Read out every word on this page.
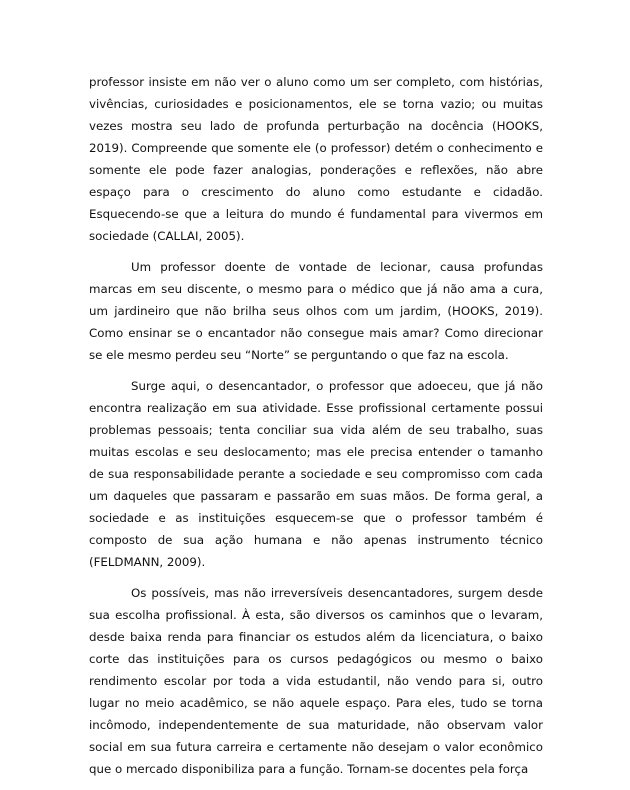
professor insiste em não ver o aluno como um ser completo, com histórias, vivências, curiosidades e posicionamentos, ele se torna vazio; ou muitas vezes mostra seu lado de profunda perturbação na docência (HOOKS, 2019). Compreende que somente ele (o professor) detém o conhecimento e somente ele pode fazer analogias, ponderações e reflexões, não abre espaço para o crescimento do aluno como estudante e cidadão. Esquecendo-se que a leitura do mundo é fundamental para vivermos em sociedade (CALLAI, 2005).

Um professor doente de vontade de lecionar, causa profundas marcas em seu discente, o mesmo para o médico que já não ama a cura, um jardineiro que não brilha seus olhos com um jardim, (HOOKS, 2019). Como ensinar se o encantador não consegue mais amar? Como direcionar se ele mesmo perdeu seu “Norte” se perguntando o que faz na escola.

Surge aqui, o desencantador, o professor que adoeceu, que já não encontra realização em sua atividade. Esse profissional certamente possui problemas pessoais; tenta conciliar sua vida além de seu trabalho, suas muitas escolas e seu deslocamento; mas ele precisa entender o tamanho de sua responsabilidade perante a sociedade e seu compromisso com cada um daqueles que passaram e passarão em suas mãos. De forma geral, a sociedade e as instituições esquecem-se que o professor também é composto de sua ação humana e não apenas instrumento técnico (FELDMANN, 2009).

Os possíveis, mas não irreversíveis desencantadores, surgem desde sua escolha profissional. À esta, são diversos os caminhos que o levaram, desde baixa renda para financiar os estudos além da licenciatura, o baixo corte das instituições para os cursos pedagógicos ou mesmo o baixo rendimento escolar por toda a vida estudantil, não vendo para si, outro lugar no meio acadêmico, se não aquele espaço. Para eles, tudo se torna incômodo, independentemente de sua maturidade, não observam valor social em sua futura carreira e certamente não desejam o valor econômico que o mercado disponibiliza para a função. Tornam-se docentes pela força
